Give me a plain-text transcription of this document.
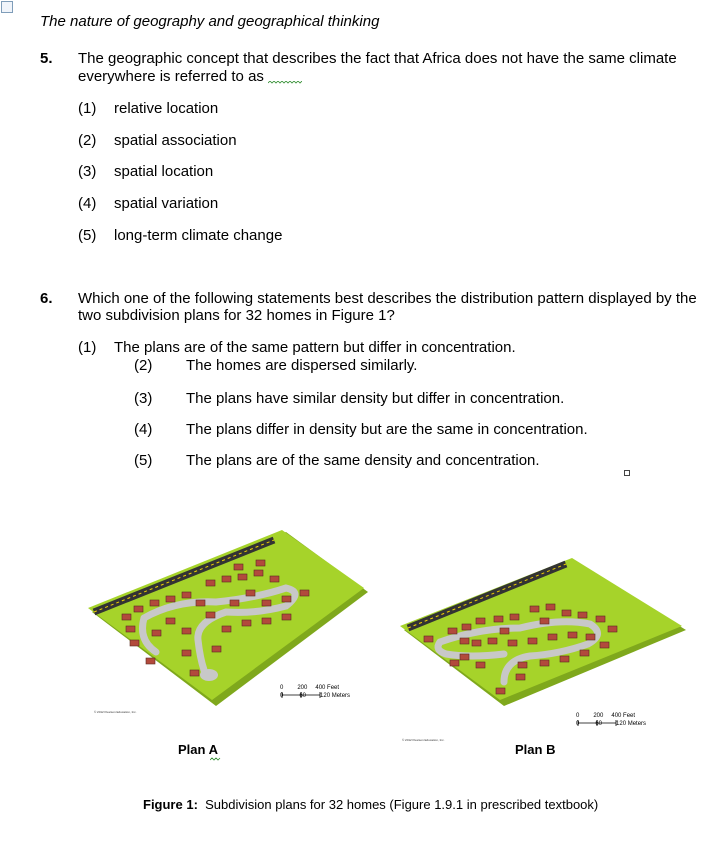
The nature of geography and geographical thinking
5. The geographic concept that describes the fact that Africa does not have the same climate everywhere is referred to as
(1) relative location
(2) spatial association
(3) spatial location
(4) spatial variation
(5) long-term climate change
6. Which one of the following statements best describes the distribution pattern displayed by the two subdivision plans for 32 homes in Figure 1?
(1) The plans are of the same pattern but differ in concentration.
(2) The homes are dispersed similarly.
(3) The plans have similar density but differ in concentration.
(4) The plans differ in density but are the same in concentration.
(5) The plans are of the same density and concentration.
0 200 400 Feet
0	60 120 Meters
© 2012 Pearson Education, Inc.
0 200 400 Feet
0	60 120 Meters
© 2012 Pearson Education, Inc.
Plan A	Plan B
Figure 1: Subdivision plans for 32 homes (Figure 1.9.1 in prescribed textbook)
